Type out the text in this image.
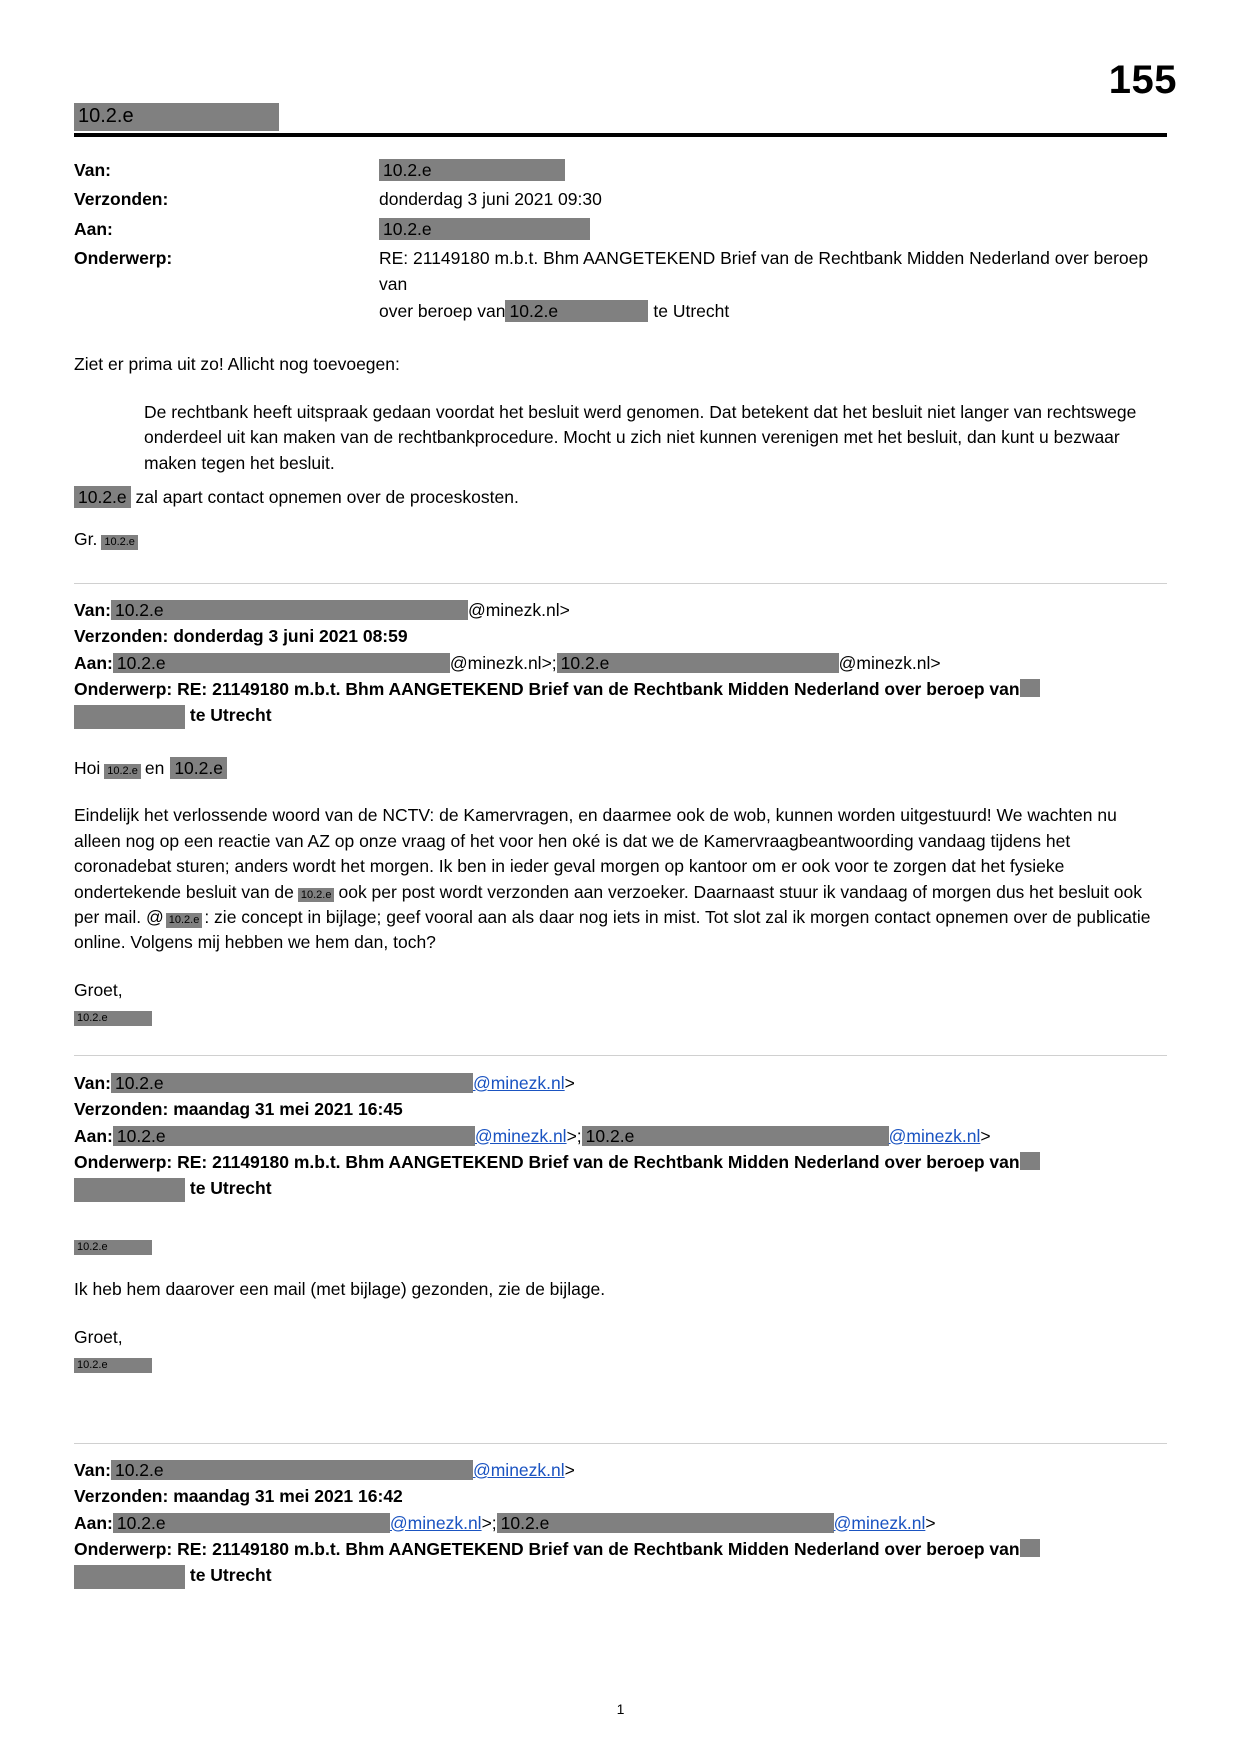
155
10.2.e
Van:	10.2.e
Verzonden:	donderdag 3 juni 2021 09:30
Aan:	10.2.e
Onderwerp:	RE: 21149180 m.b.t. Bhm AANGETEKEND Brief van de Rechtbank Midden Nederland over beroep van
over beroep van 10.2.e	te Utrecht
Ziet er prima uit zo! Allicht nog toevoegen:
De rechtbank heeft uitspraak gedaan voordat het besluit werd genomen. Dat betekent dat het besluit niet langer van rechtswege onderdeel uit kan maken van de rechtbankprocedure. Mocht u zich niet kunnen verenigen met het besluit, dan kunt u bezwaar maken tegen het besluit.
10.2.e zal apart contact opnemen over de proceskosten.
Gr. 10.2.e
Van: 10.2.e	@minezk.nl>
Verzonden: donderdag 3 juni 2021 08:59
Aan: 10.2.e	@minezk.nl>; 10.2.e	@minezk.nl>
Onderwerp: RE: 21149180 m.b.t. Bhm AANGETEKEND Brief van de Rechtbank Midden Nederland over beroep van
te Utrecht
Hoi 10.2.e en 10.2.e
Eindelijk het verlossende woord van de NCTV: de Kamervragen, en daarmee ook de wob, kunnen worden uitgestuurd! We wachten nu alleen nog op een reactie van AZ op onze vraag of het voor hen oké is dat we de Kamervraagbeantwoording vandaag tijdens het coronadebat sturen; anders wordt het morgen. Ik ben in ieder geval morgen op kantoor om er ook voor te zorgen dat het fysieke ondertekende besluit van de 10.2.e ook per post wordt verzonden aan verzoeker. Daarnaast stuur ik vandaag of morgen dus het besluit ook per mail. @ 10.2.e : zie concept in bijlage; geef vooral aan als daar nog iets in mist. Tot slot zal ik morgen contact opnemen over de publicatie online. Volgens mij hebben we hem dan, toch?
Groet,
10.2.e
Van: 10.2.e	@minezk.nl>
Verzonden: maandag 31 mei 2021 16:45
Aan: 10.2.e	@minezk.nl>; 10.2.e	@minezk.nl>
Onderwerp: RE: 21149180 m.b.t. Bhm AANGETEKEND Brief van de Rechtbank Midden Nederland over beroep van
te Utrecht
10.2.e
Ik heb hem daarover een mail (met bijlage) gezonden, zie de bijlage.
Groet,
10.2.e
Van: 10.2.e	@minezk.nl>
Verzonden: maandag 31 mei 2021 16:42
Aan: 10.2.e	@minezk.nl>; 10.2.e	@minezk.nl>
Onderwerp: RE: 21149180 m.b.t. Bhm AANGETEKEND Brief van de Rechtbank Midden Nederland over beroep van
te Utrecht
1
